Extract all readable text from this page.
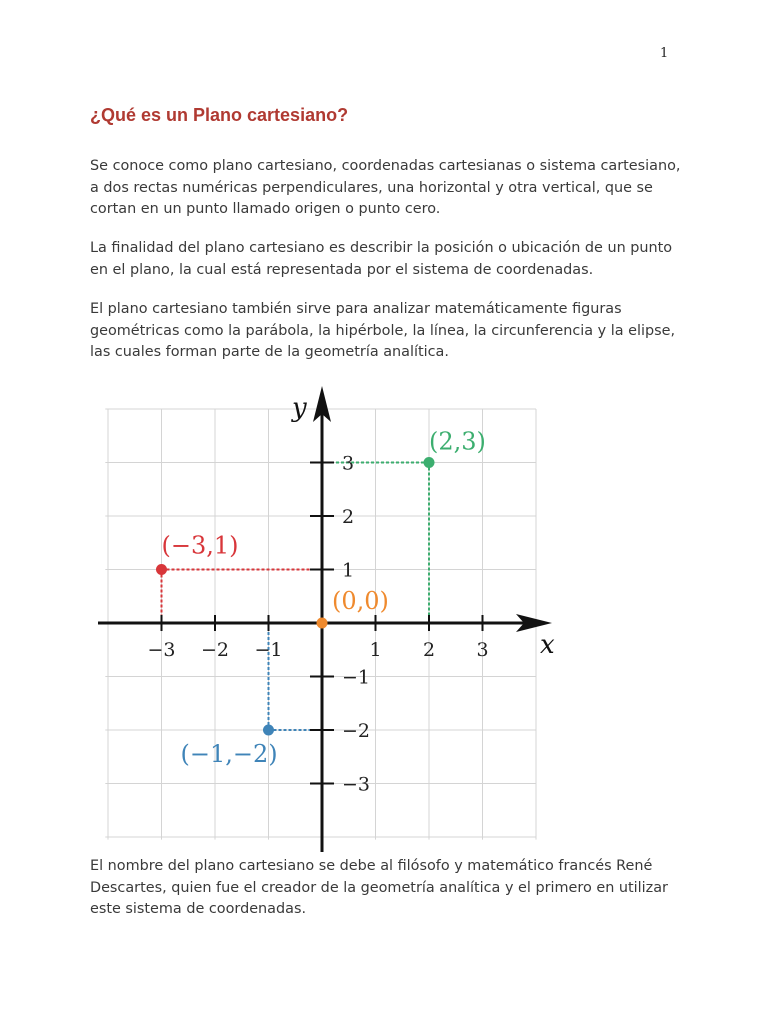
1
¿Qué es un Plano cartesiano?

Se conoce como plano cartesiano, coordenadas cartesianas o sistema cartesiano, a dos rectas numéricas perpendiculares, una horizontal y otra vertical, que se cortan en un punto llamado origen o punto cero.

La finalidad del plano cartesiano es describir la posición o ubicación de un punto en el plano, la cual está representada por el sistema de coordenadas.

El plano cartesiano también sirve para analizar matemáticamente figuras geométricas como la parábola, la hipérbole, la línea, la circunferencia y la elipse, las cuales forman parte de la geometría analítica.

−3 −2 −1	1 2 3
3
2
1
−1
−2
−3
x
y
(2,3)
(−3,1)
(0,0)
(−1,−2)

El nombre del plano cartesiano se debe al filósofo y matemático francés René Descartes, quien fue el creador de la geometría analítica y el primero en utilizar este sistema de coordenadas.
